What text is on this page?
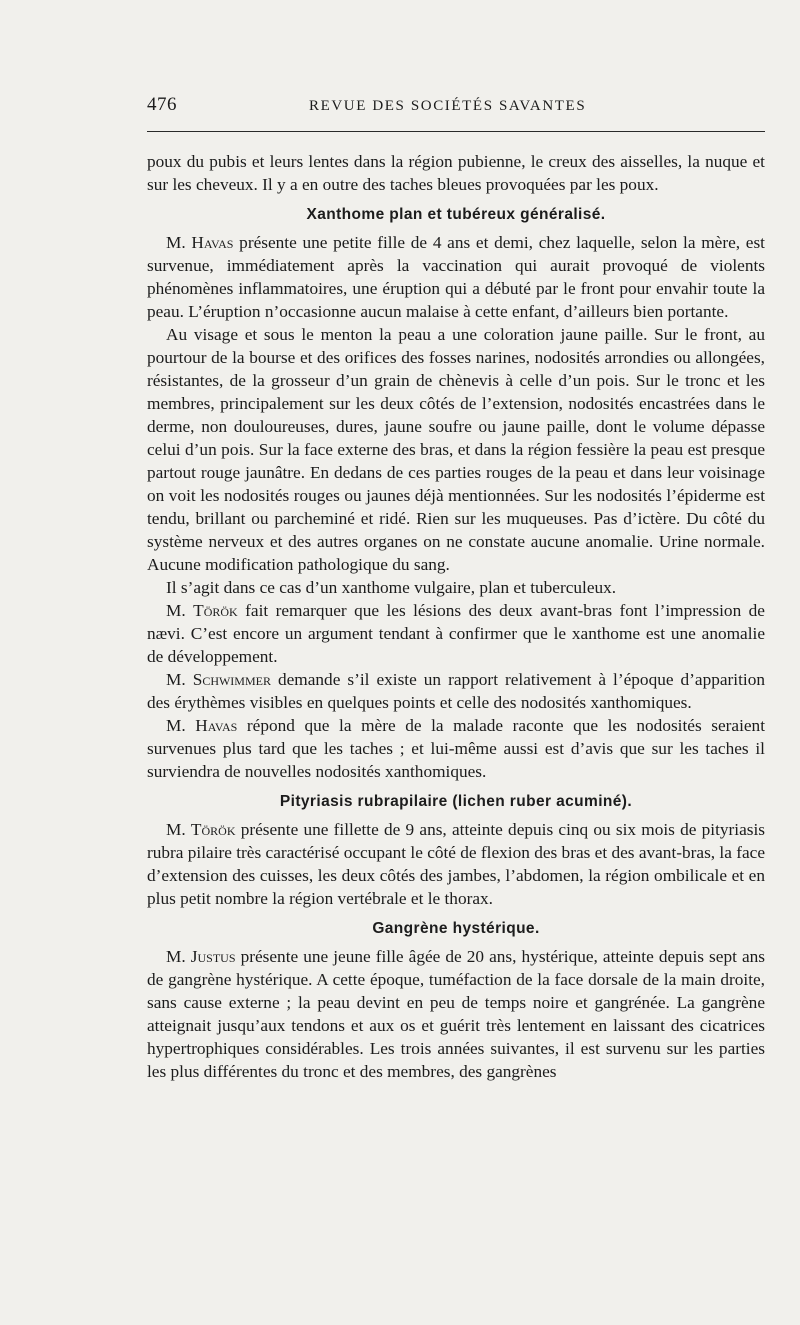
476	REVUE DES SOCIÉTÉS SAVANTES

poux du pubis et leurs lentes dans la région pubienne, le creux des aisselles, la nuque et sur les cheveux. Il y a en outre des taches bleues provoquées par les poux.

Xanthome plan et tubéreux généralisé.

M. Havas présente une petite fille de 4 ans et demi, chez laquelle, selon la mère, est survenue, immédiatement après la vaccination qui aurait provoqué de violents phénomènes inflammatoires, une éruption qui a débuté par le front pour envahir toute la peau. L’éruption n’occasionne aucun malaise à cette enfant, d’ailleurs bien portante.

Au visage et sous le menton la peau a une coloration jaune paille. Sur le front, au pourtour de la bourse et des orifices des fosses narines, nodosités arrondies ou allongées, résistantes, de la grosseur d’un grain de chènevis à celle d’un pois. Sur le tronc et les membres, principalement sur les deux côtés de l’extension, nodosités encastrées dans le derme, non douloureuses, dures, jaune soufre ou jaune paille, dont le volume dépasse celui d’un pois. Sur la face externe des bras, et dans la région fessière la peau est presque partout rouge jaunâtre. En dedans de ces parties rouges de la peau et dans leur voisinage on voit les nodosités rouges ou jaunes déjà mentionnées. Sur les nodosités l’épiderme est tendu, brillant ou parcheminé et ridé. Rien sur les muqueuses. Pas d’ictère. Du côté du système nerveux et des autres organes on ne constate aucune anomalie. Urine normale. Aucune modification pathologique du sang.

Il s’agit dans ce cas d’un xanthome vulgaire, plan et tuberculeux.

M. Török fait remarquer que les lésions des deux avant-bras font l’impression de nævi. C’est encore un argument tendant à confirmer que le xanthome est une anomalie de développement.

M. Schwimmer demande s’il existe un rapport relativement à l’époque d’apparition des érythèmes visibles en quelques points et celle des nodosités xanthomiques.

M. Havas répond que la mère de la malade raconte que les nodosités seraient survenues plus tard que les taches ; et lui-même aussi est d’avis que sur les taches il surviendra de nouvelles nodosités xanthomiques.

Pityriasis rubrapilaire (lichen ruber acuminé).

M. Török présente une fillette de 9 ans, atteinte depuis cinq ou six mois de pityriasis rubra pilaire très caractérisé occupant le côté de flexion des bras et des avant-bras, la face d’extension des cuisses, les deux côtés des jambes, l’abdomen, la région ombilicale et en plus petit nombre la région vertébrale et le thorax.

Gangrène hystérique.

M. Justus présente une jeune fille âgée de 20 ans, hystérique, atteinte depuis sept ans de gangrène hystérique. A cette époque, tuméfaction de la face dorsale de la main droite, sans cause externe ; la peau devint en peu de temps noire et gangrénée. La gangrène atteignait jusqu’aux tendons et aux os et guérit très lentement en laissant des cicatrices hypertrophiques considérables. Les trois années suivantes, il est survenu sur les parties les plus différentes du tronc et des membres, des gangrènes
